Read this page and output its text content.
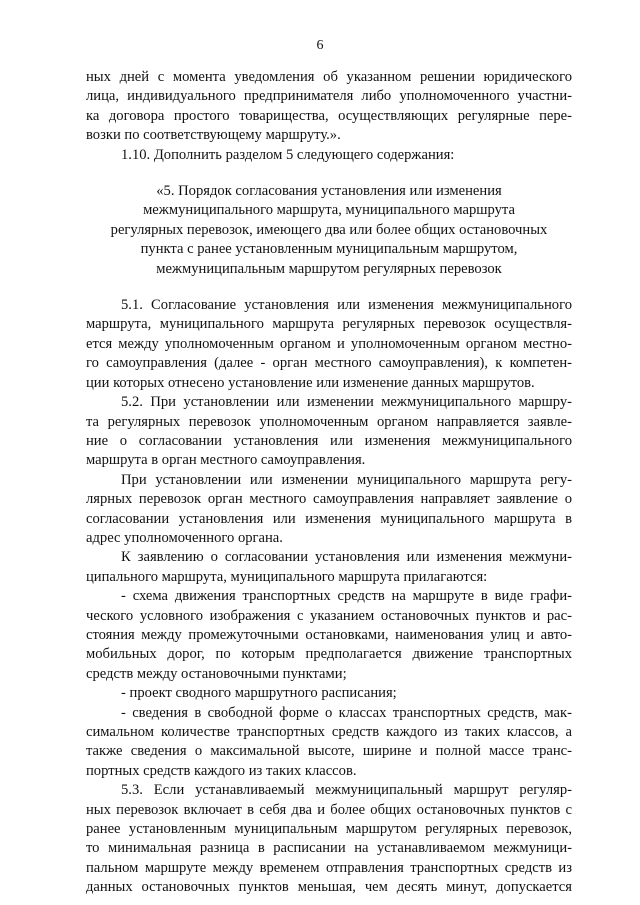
6
ных дней с момента уведомления об указанном решении юридического
лица, индивидуального предпринимателя либо уполномоченного участни-
ка договора простого товарищества, осуществляющих регулярные пере-
возки по соответствующему маршруту.».
1.10. Дополнить разделом 5 следующего содержания:
«5. Порядок согласования установления или изменения
межмуниципального маршрута, муниципального маршрута
регулярных перевозок, имеющего два или более общих остановочных
пункта с ранее установленным муниципальным маршрутом,
межмуниципальным маршрутом регулярных перевозок
5.1. Согласование установления или изменения межмуниципального
маршрута, муниципального маршрута регулярных перевозок осуществля-
ется между уполномоченным органом и уполномоченным органом местно-
го самоуправления (далее - орган местного самоуправления), к компетен-
ции которых отнесено установление или изменение данных маршрутов.
5.2. При установлении или изменении межмуниципального маршру-
та регулярных перевозок уполномоченным органом направляется заявле-
ние о согласовании установления или изменения межмуниципального
маршрута в орган местного самоуправления.
При установлении или изменении муниципального маршрута регу-
лярных перевозок орган местного самоуправления направляет заявление о
согласовании установления или изменения муниципального маршрута в
адрес уполномоченного органа.
К заявлению о согласовании установления или изменения межмуни-
ципального маршрута, муниципального маршрута прилагаются:
- схема движения транспортных средств на маршруте в виде графи-
ческого условного изображения с указанием остановочных пунктов и рас-
стояния между промежуточными остановками, наименования улиц и авто-
мобильных дорог, по которым предполагается движение транспортных
средств между остановочными пунктами;
- проект сводного маршрутного расписания;
- сведения в свободной форме о классах транспортных средств, мак-
симальном количестве транспортных средств каждого из таких классов, а
также сведения о максимальной высоте, ширине и полной массе транс-
портных средств каждого из таких классов.
5.3. Если устанавливаемый межмуниципальный маршрут регуляр-
ных перевозок включает в себя два и более общих остановочных пунктов с
ранее установленным муниципальным маршрутом регулярных перевозок,
то минимальная разница в расписании на устанавливаемом межмуници-
пальном маршруте между временем отправления транспортных средств из
данных остановочных пунктов меньшая, чем десять минут, допускается
